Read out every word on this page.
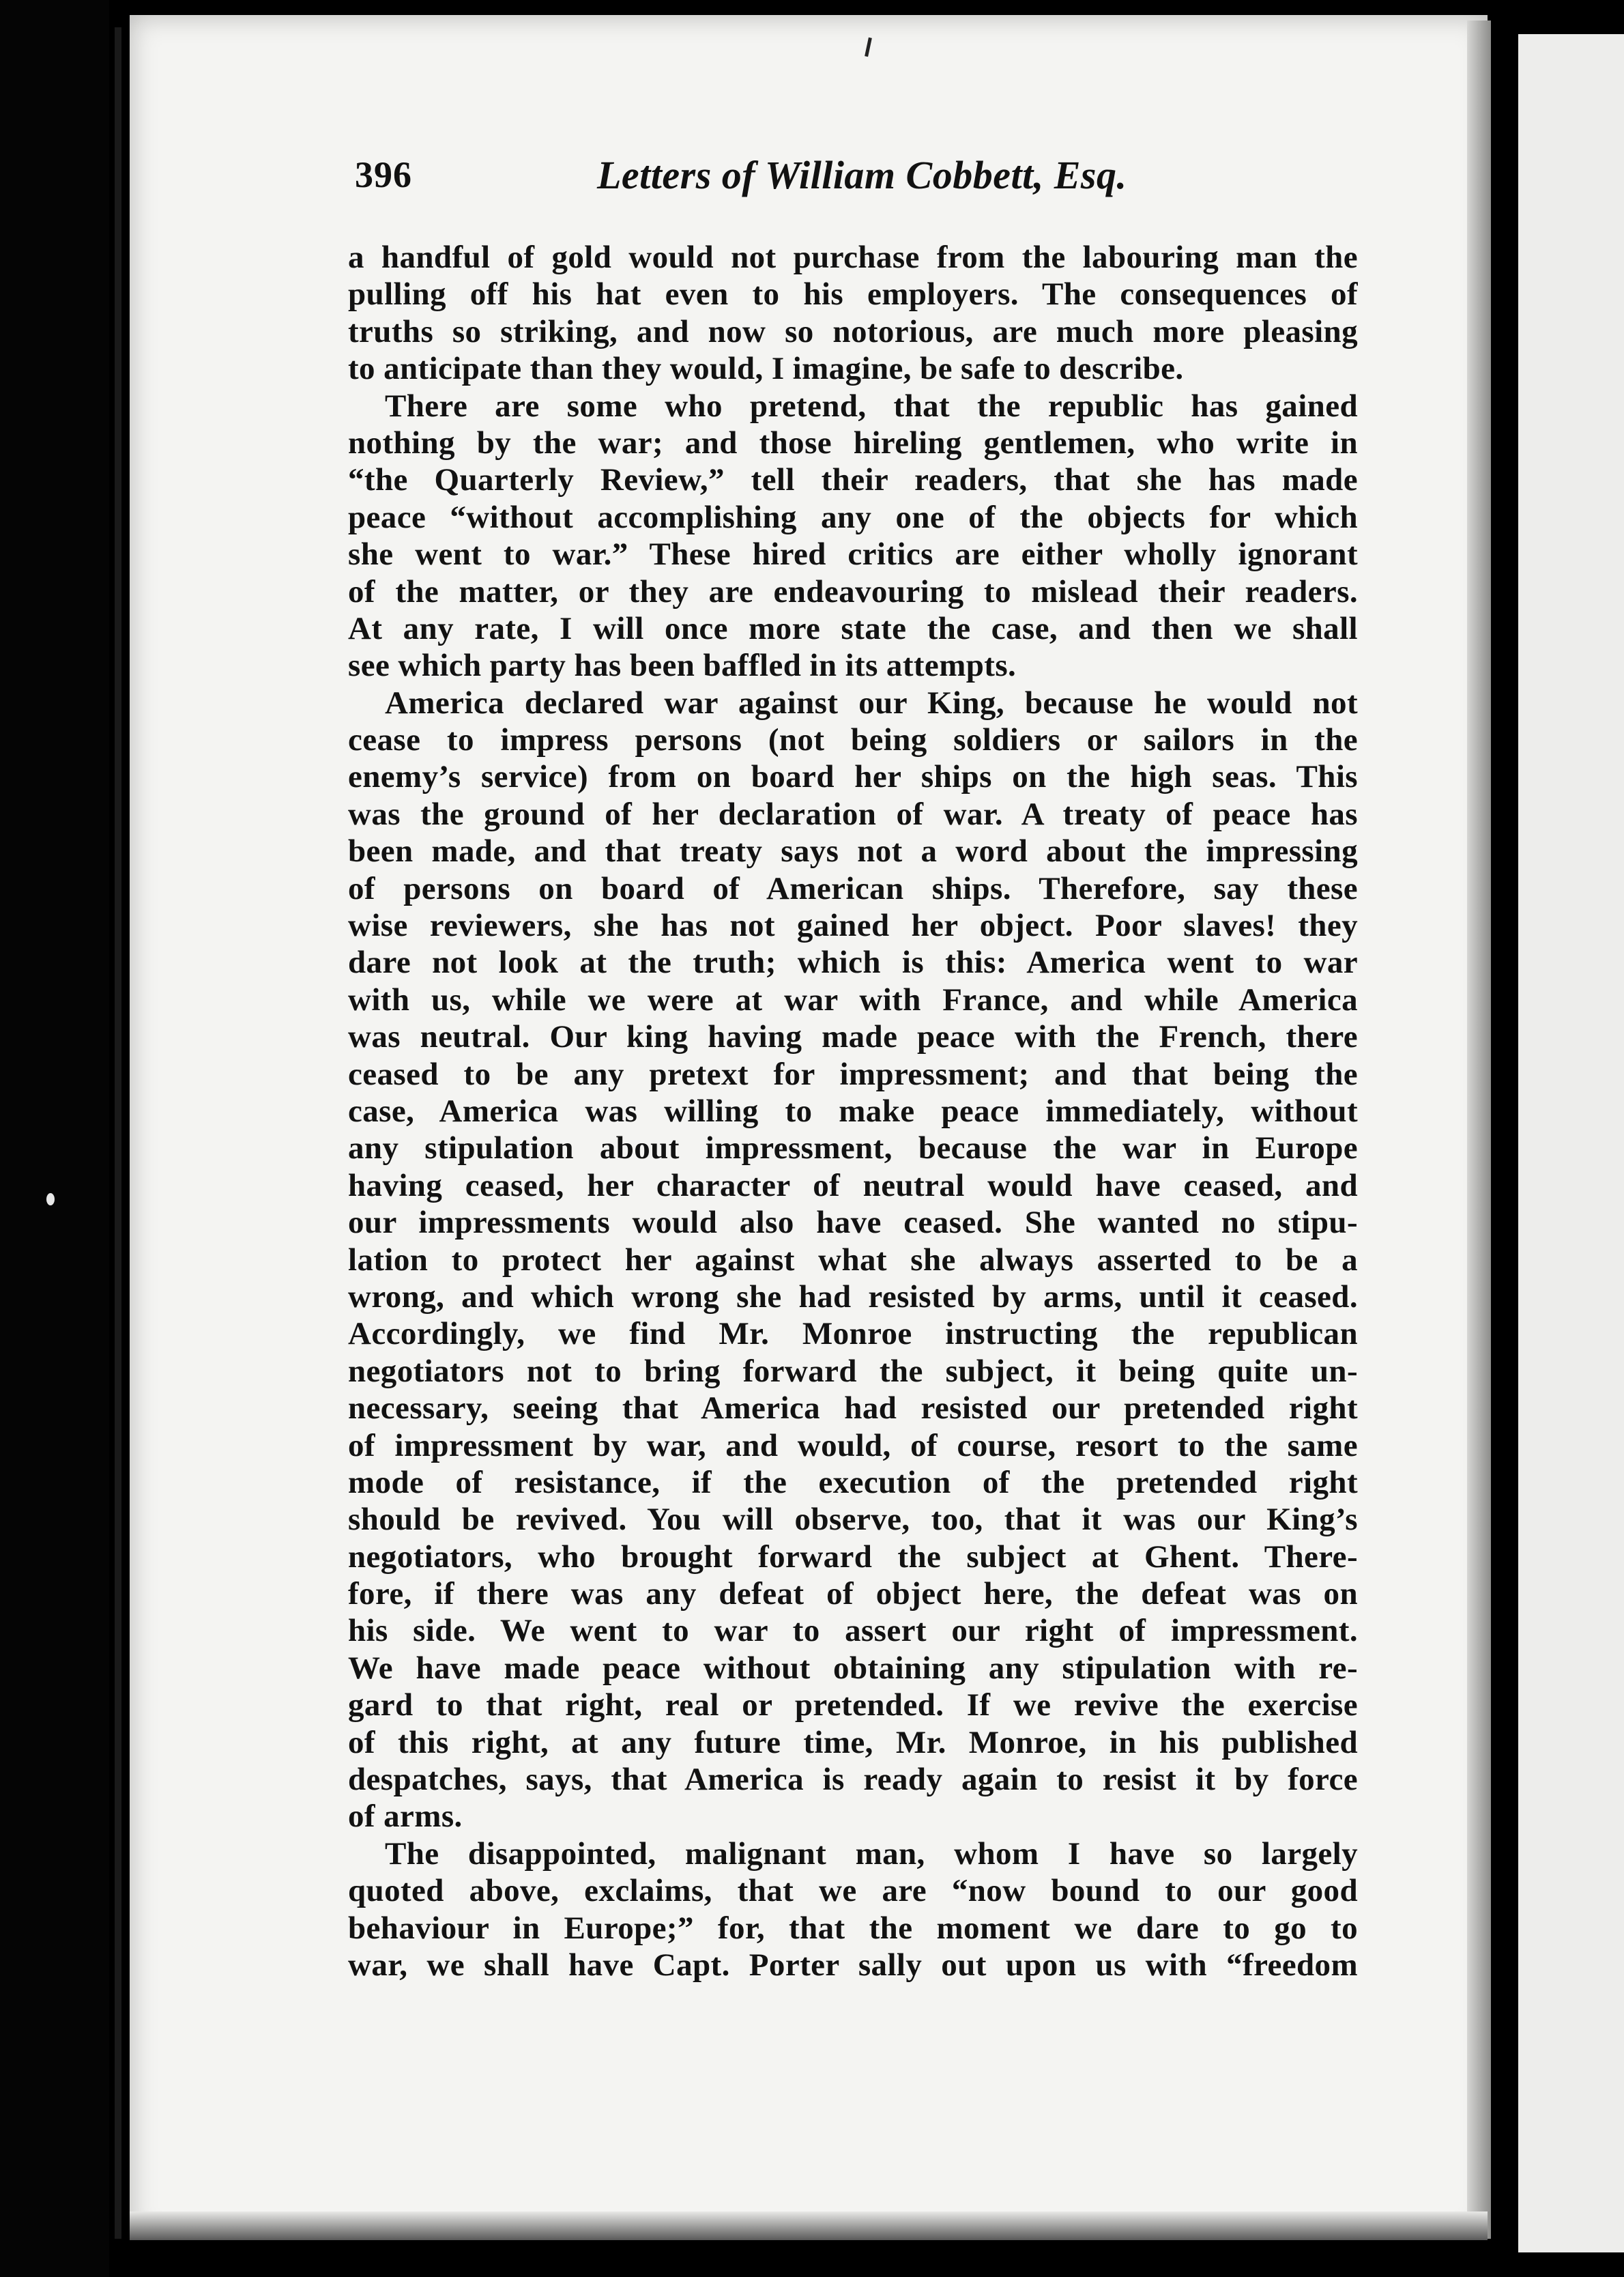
396	Letters of William Cobbett, Esq.
a handful of gold would not purchase from the labouring man the
pulling off his hat even to his employers. The consequences of
truths so striking, and now so notorious, are much more pleasing
to anticipate than they would, I imagine, be safe to describe.
There are some who pretend, that the republic has gained
nothing by the war; and those hireling gentlemen, who write in
“the Quarterly Review,” tell their readers, that she has made
peace “without accomplishing any one of the objects for which
she went to war.” These hired critics are either wholly ignorant
of the matter, or they are endeavouring to mislead their readers.
At any rate, I will once more state the case, and then we shall
see which party has been baffled in its attempts.
America declared war against our King, because he would not
cease to impress persons (not being soldiers or sailors in the
enemy’s service) from on board her ships on the high seas. This
was the ground of her declaration of war. A treaty of peace has
been made, and that treaty says not a word about the impressing
of persons on board of American ships. Therefore, say these
wise reviewers, she has not gained her object. Poor slaves! they
dare not look at the truth; which is this: America went to war
with us, while we were at war with France, and while America
was neutral. Our king having made peace with the French, there
ceased to be any pretext for impressment; and that being the
case, America was willing to make peace immediately, without
any stipulation about impressment, because the war in Europe
having ceased, her character of neutral would have ceased, and
our impressments would also have ceased. She wanted no stipu-
lation to protect her against what she always asserted to be a
wrong, and which wrong she had resisted by arms, until it ceased.
Accordingly, we find Mr. Monroe instructing the republican
negotiators not to bring forward the subject, it being quite un-
necessary, seeing that America had resisted our pretended right
of impressment by war, and would, of course, resort to the same
mode of resistance, if the execution of the pretended right
should be revived. You will observe, too, that it was our King’s
negotiators, who brought forward the subject at Ghent. There-
fore, if there was any defeat of object here, the defeat was on
his side. We went to war to assert our right of impressment.
We have made peace without obtaining any stipulation with re-
gard to that right, real or pretended. If we revive the exercise
of this right, at any future time, Mr. Monroe, in his published
despatches, says, that America is ready again to resist it by force
of arms.
The disappointed, malignant man, whom I have so largely
quoted above, exclaims, that we are “now bound to our good
behaviour in Europe;” for, that the moment we dare to go to
war, we shall have Capt. Porter sally out upon us with “freedom
